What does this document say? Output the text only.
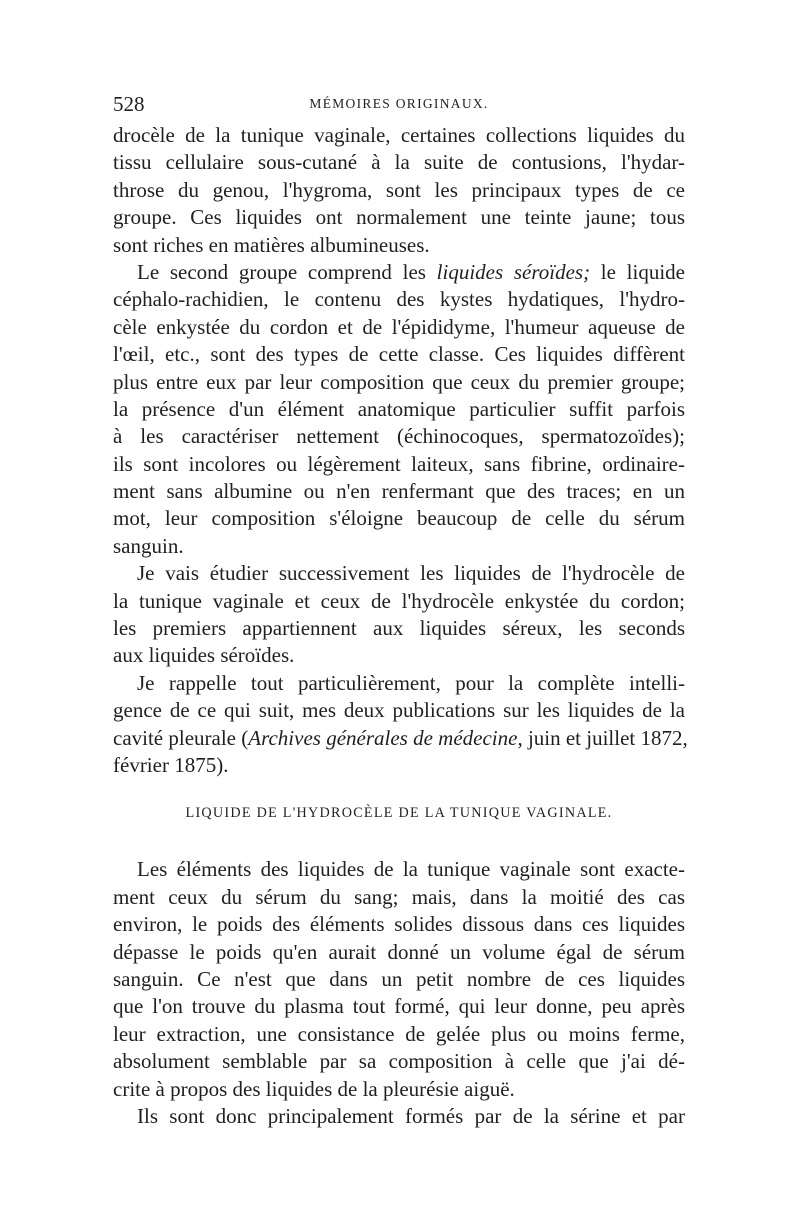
528	MÉMOIRES ORIGINAUX.
drocèle de la tunique vaginale, certaines collections liquides du
tissu cellulaire sous-cutané à la suite de contusions, l'hydar-
throse du genou, l'hygroma, sont les principaux types de ce
groupe. Ces liquides ont normalement une teinte jaune; tous
sont riches en matières albumineuses.
Le second groupe comprend les liquides séroïdes; le liquide
céphalo-rachidien, le contenu des kystes hydatiques, l'hydro-
cèle enkystée du cordon et de l'épididyme, l'humeur aqueuse de
l'œil, etc., sont des types de cette classe. Ces liquides diffèrent
plus entre eux par leur composition que ceux du premier groupe;
la présence d'un élément anatomique particulier suffit parfois
à les caractériser nettement (échinocoques, spermatozoïdes);
ils sont incolores ou légèrement laiteux, sans fibrine, ordinaire-
ment sans albumine ou n'en renfermant que des traces; en un
mot, leur composition s'éloigne beaucoup de celle du sérum
sanguin.
Je vais étudier successivement les liquides de l'hydrocèle de
la tunique vaginale et ceux de l'hydrocèle enkystée du cordon;
les premiers appartiennent aux liquides séreux, les seconds
aux liquides séroïdes.
Je rappelle tout particulièrement, pour la complète intelli-
gence de ce qui suit, mes deux publications sur les liquides de la
cavité pleurale (Archives générales de médecine, juin et juillet 1872,
février 1875).
LIQUIDE DE L'HYDROCÈLE DE LA TUNIQUE VAGINALE.
Les éléments des liquides de la tunique vaginale sont exacte-
ment ceux du sérum du sang; mais, dans la moitié des cas
environ, le poids des éléments solides dissous dans ces liquides
dépasse le poids qu'en aurait donné un volume égal de sérum
sanguin. Ce n'est que dans un petit nombre de ces liquides
que l'on trouve du plasma tout formé, qui leur donne, peu après
leur extraction, une consistance de gelée plus ou moins ferme,
absolument semblable par sa composition à celle que j'ai dé-
crite à propos des liquides de la pleurésie aiguë.
Ils sont donc principalement formés par de la sérine et par
